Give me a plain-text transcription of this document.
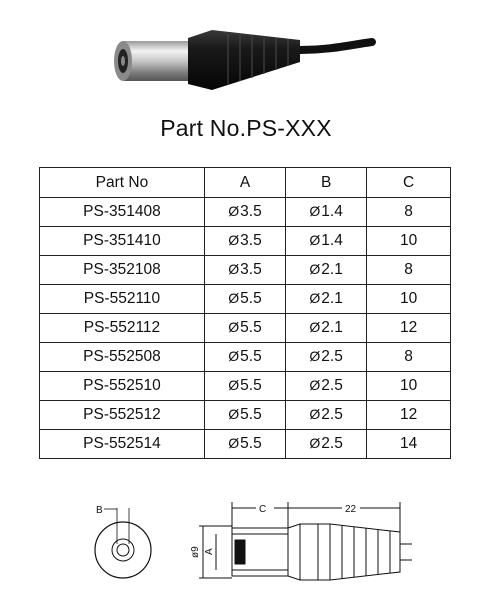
Part No.PS-XXX
Part No	A	B	C
PS-351408	Ø3.5	Ø1.4	8
PS-351410	Ø3.5	Ø1.4	10
PS-352108	Ø3.5	Ø2.1	8
PS-552110	Ø5.5	Ø2.1	10
PS-552112	Ø5.5	Ø2.1	12
PS-552508	Ø5.5	Ø2.5	8
PS-552510	Ø5.5	Ø2.5	10
PS-552512	Ø5.5	Ø2.5	12
PS-552514	Ø5.5	Ø2.5	14
B	C	22
ø9 A
